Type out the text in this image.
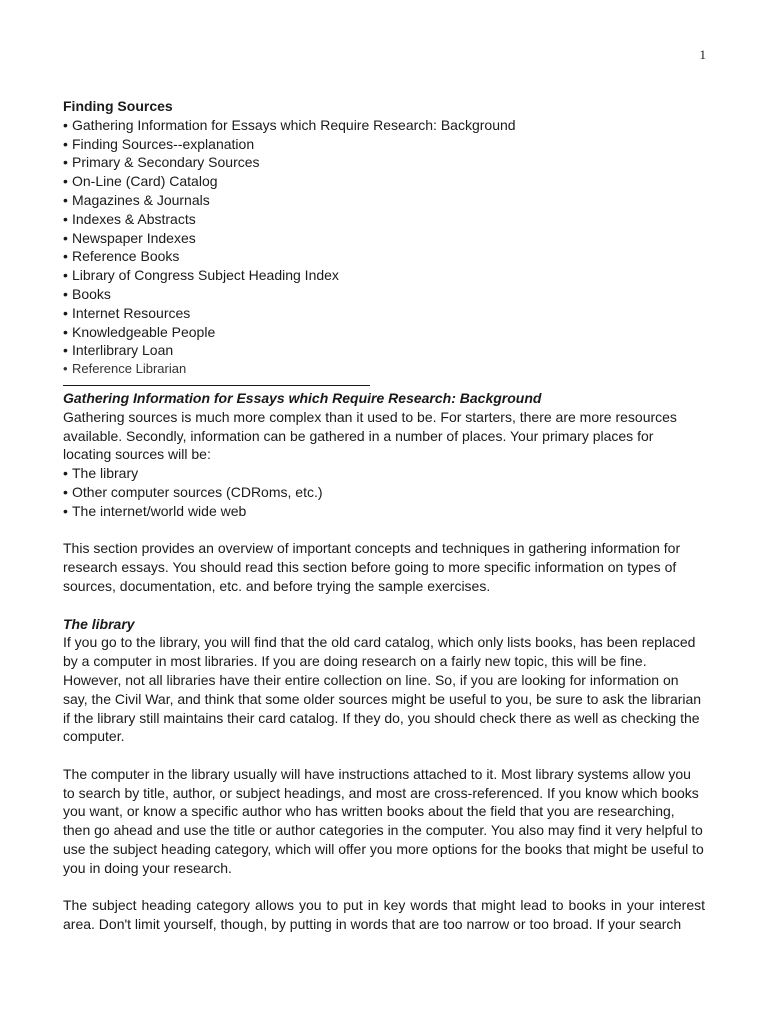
1
Finding Sources
• Gathering Information for Essays which Require Research: Background
• Finding Sources--explanation
• Primary & Secondary Sources
• On-Line (Card) Catalog
• Magazines & Journals
• Indexes & Abstracts
• Newspaper Indexes
• Reference Books
• Library of Congress Subject Heading Index
• Books
• Internet Resources
• Knowledgeable People
• Interlibrary Loan
• Reference Librarian
Gathering Information for Essays which Require Research: Background

Gathering sources is much more complex than it used to be. For starters, there are more resources available. Secondly, information can be gathered in a number of places. Your primary places for locating sources will be:

• The library
• Other computer sources (CDRoms, etc.)
• The internet/world wide web

This section provides an overview of important concepts and techniques in gathering information for research essays. You should read this section before going to more specific information on types of sources, documentation, etc. and before trying the sample exercises.

The library

If you go to the library, you will find that the old card catalog, which only lists books, has been replaced by a computer in most libraries. If you are doing research on a fairly new topic, this will be fine. However, not all libraries have their entire collection on line. So, if you are looking for information on say, the Civil War, and think that some older sources might be useful to you, be sure to ask the librarian if the library still maintains their card catalog. If they do, you should check there as well as checking the computer.

The computer in the library usually will have instructions attached to it. Most library systems allow you to search by title, author, or subject headings, and most are cross-referenced. If you know which books you want, or know a specific author who has written books about the field that you are researching, then go ahead and use the title or author categories in the computer. You also may find it very helpful to use the subject heading category, which will offer you more options for the books that might be useful to you in doing your research.

The subject heading category allows you to put in key words that might lead to books in your interest area. Don't limit yourself, though, by putting in words that are too narrow or too broad. If your search
